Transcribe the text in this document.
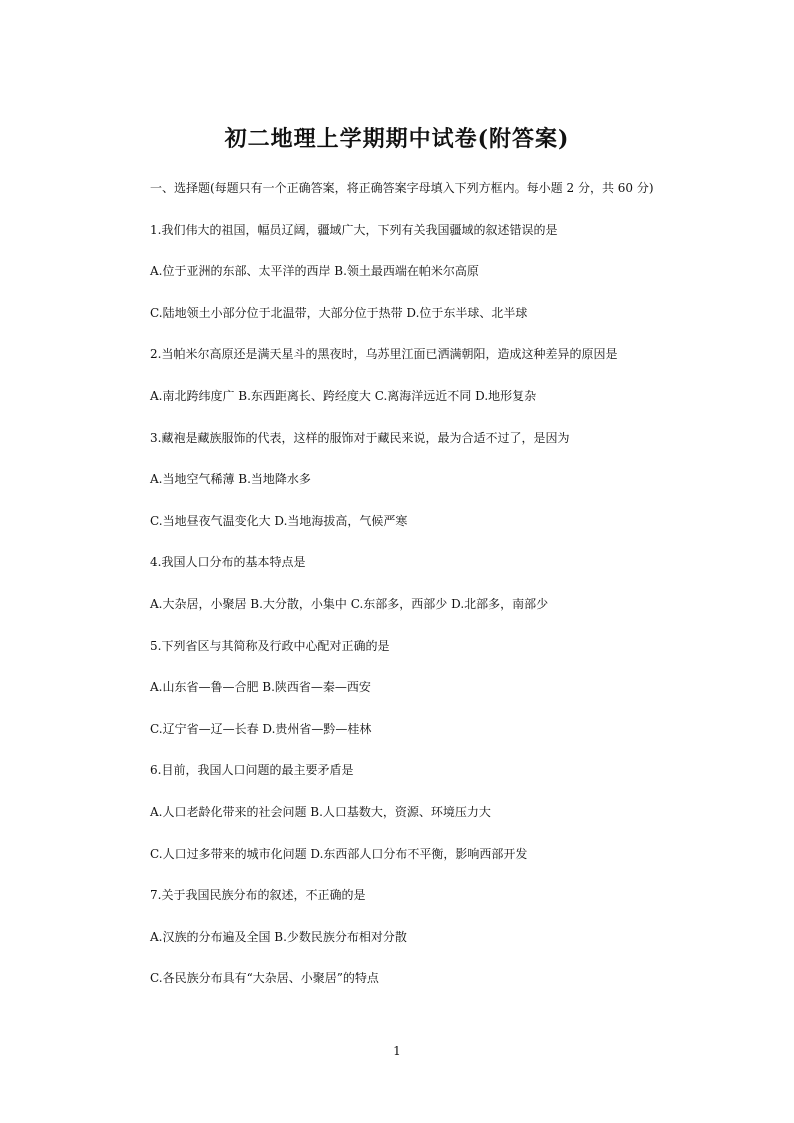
初二地理上学期期中试卷(附答案)
一、选择题(每题只有一个正确答案，将正确答案字母填入下列方框内。每小题 2 分，共 60 分)
1.我们伟大的祖国，幅员辽阔，疆域广大，下列有关我国疆域的叙述错误的是
A.位于亚洲的东部、太平洋的西岸 B.领土最西端在帕米尔高原
C.陆地领土小部分位于北温带，大部分位于热带 D.位于东半球、北半球
2.当帕米尔高原还是满天星斗的黑夜时，乌苏里江面已洒满朝阳，造成这种差异的原因是
A.南北跨纬度广 B.东西距离长、跨经度大 C.离海洋远近不同 D.地形复杂
3.藏袍是藏族服饰的代表，这样的服饰对于藏民来说，最为合适不过了，是因为
A.当地空气稀薄 B.当地降水多
C.当地昼夜气温变化大 D.当地海拔高，气候严寒
4.我国人口分布的基本特点是
A.大杂居，小聚居 B.大分散，小集中 C.东部多，西部少 D.北部多，南部少
5.下列省区与其简称及行政中心配对正确的是
A.山东省—鲁—合肥 B.陕西省—秦—西安
C.辽宁省—辽—长春 D.贵州省—黔—桂林
6.目前，我国人口问题的最主要矛盾是
A.人口老龄化带来的社会问题 B.人口基数大，资源、环境压力大
C.人口过多带来的城市化问题 D.东西部人口分布不平衡，影响西部开发
7.关于我国民族分布的叙述，不正确的是
A.汉族的分布遍及全国 B.少数民族分布相对分散
C.各民族分布具有“大杂居、小聚居”的特点
1
